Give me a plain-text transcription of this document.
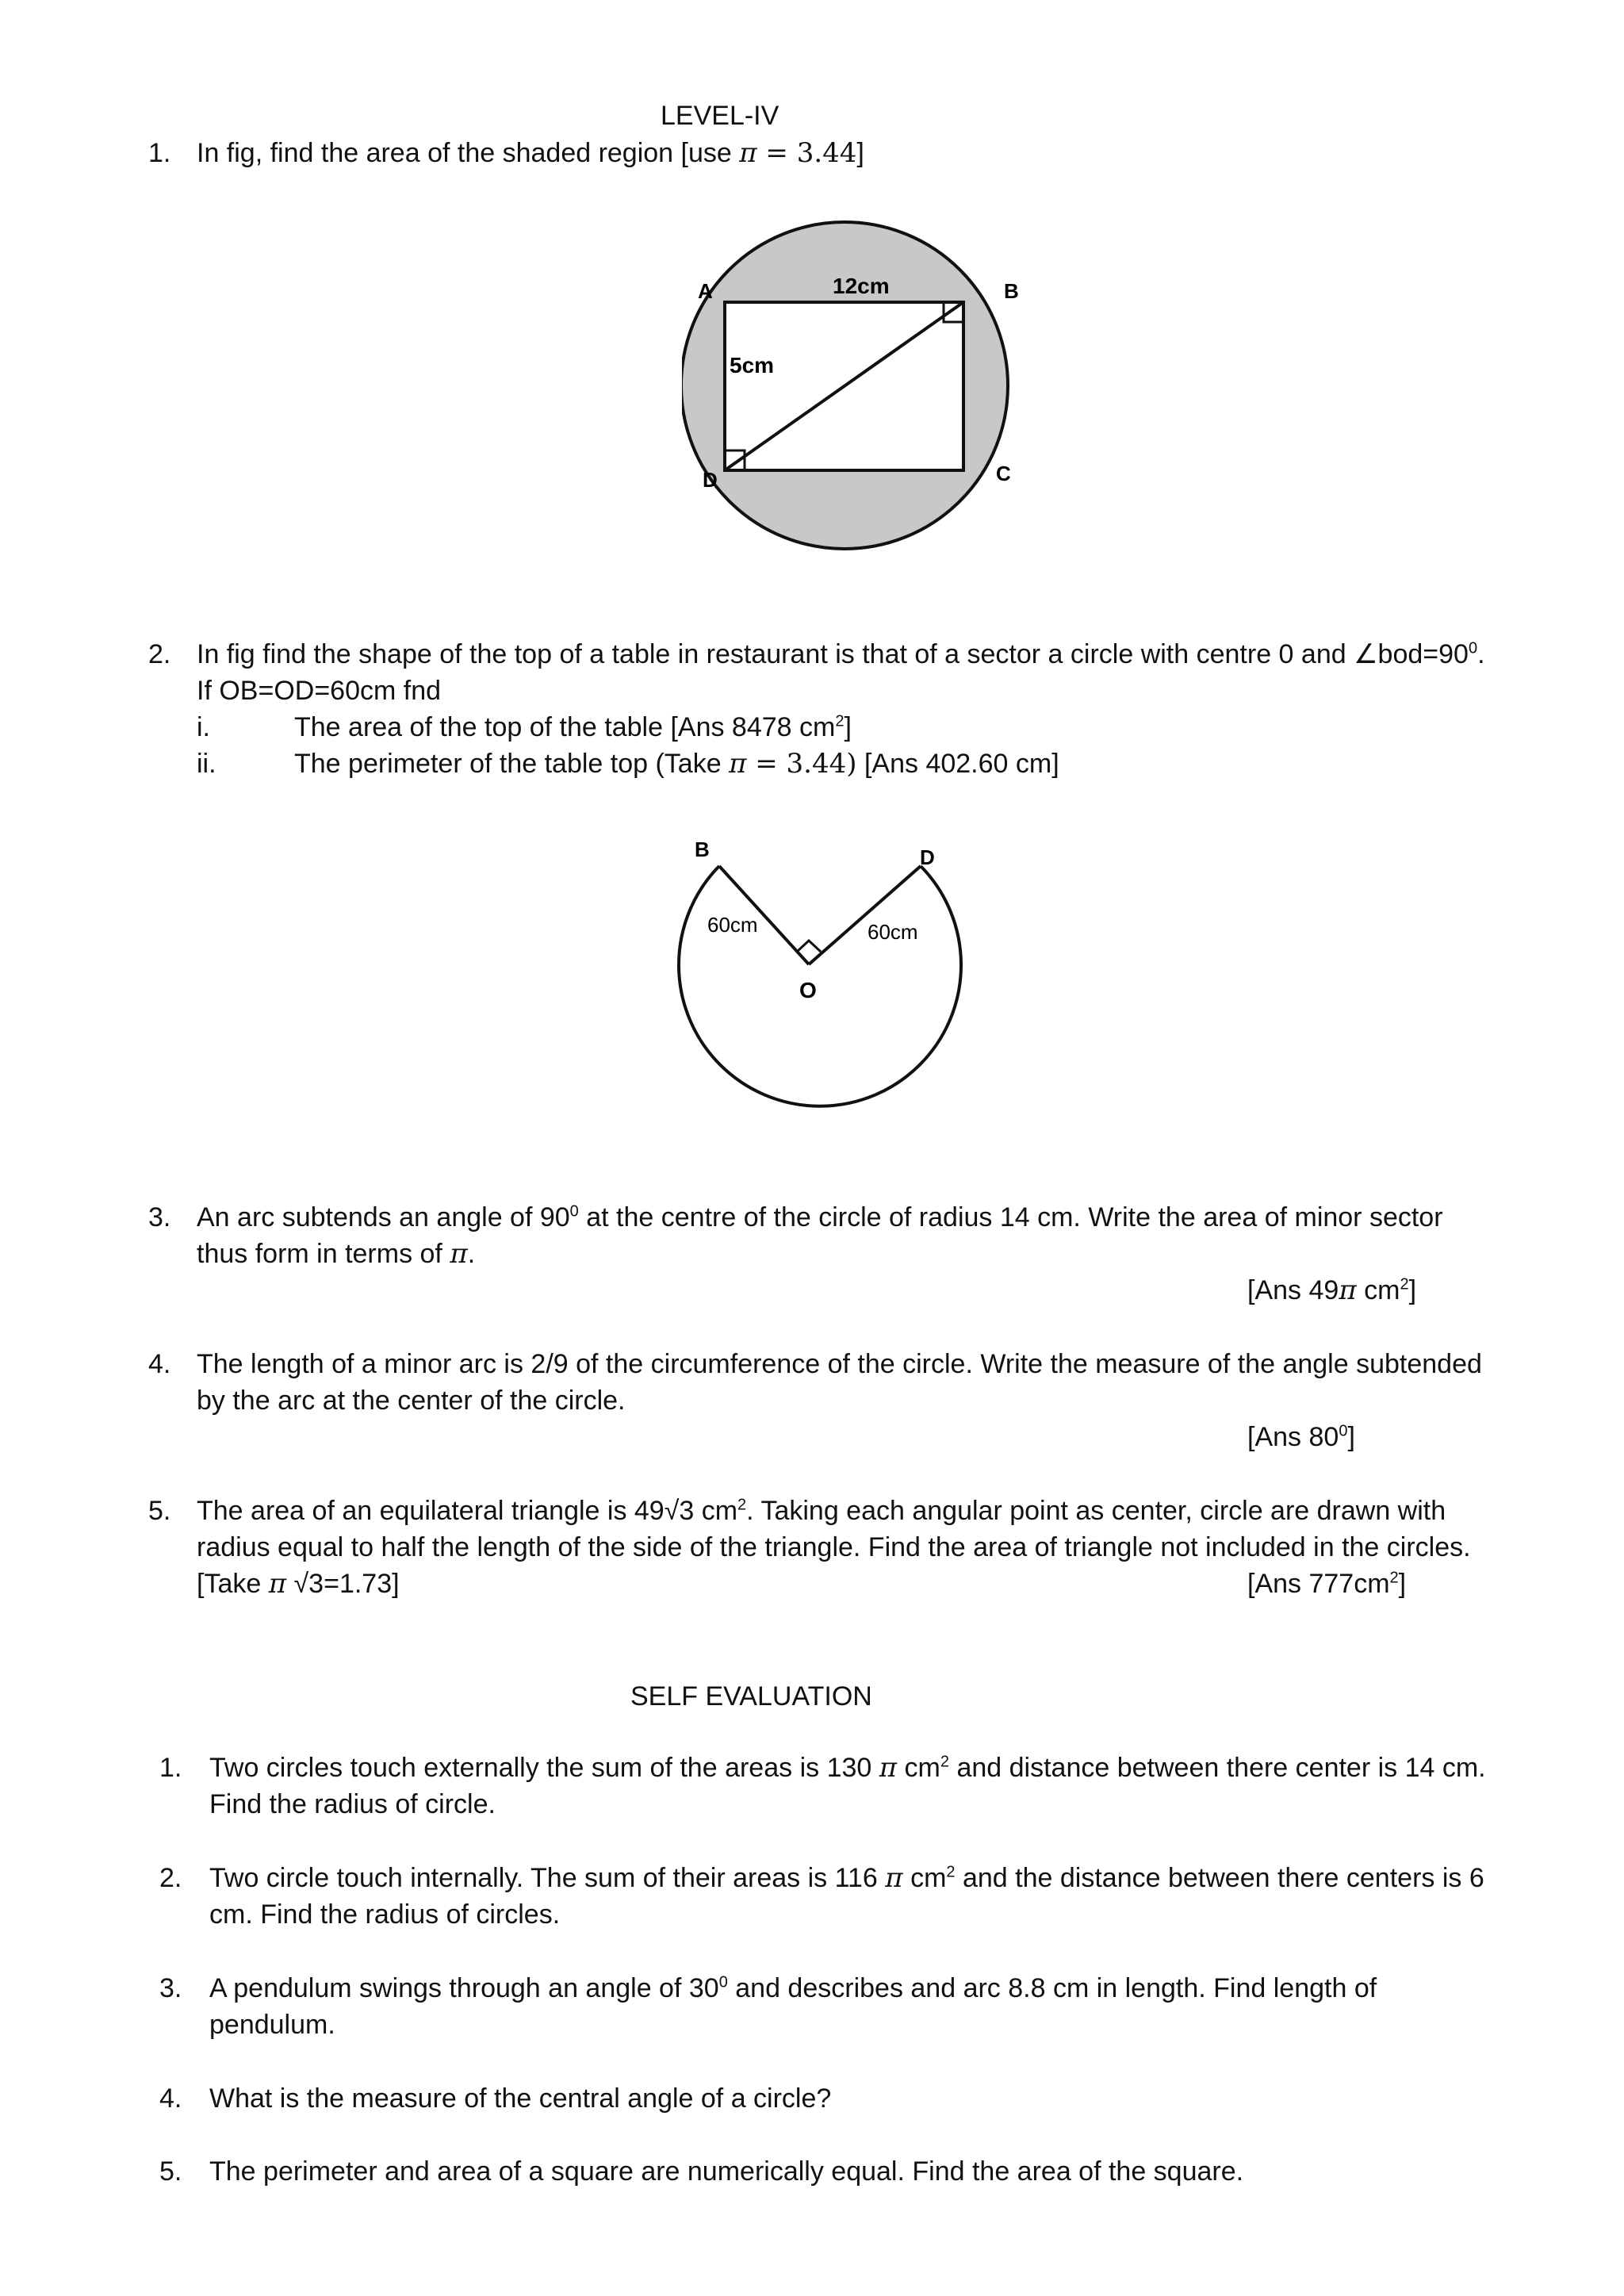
LEVEL-IV
1. In fig, find the area of the shaded region [use π = 3.44]
A	B
C
D
12cm
5cm
2. In fig find the shape of the top of a table in restaurant is that of a sector a circle with centre 0 and $\angle bod=90^0$.
If OB=OD=60cm fnd
i.	The area of the top of the table [Ans 8478 $cm^2$]
ii.	The perimeter of the table top (Take π = 3.44) [Ans 402.60 cm]
B	D
O
60cm	60cm
3. An arc subtends an angle of $90^0$ at the centre of the circle of radius 14 cm. Write the area of minor sector
thus form in terms of π.
[Ans 49π $cm^2$]
4. The length of a minor arc is 2/9 of the circumference of the circle. Write the measure of the angle subtended
by the arc at the center of the circle.
[Ans $80^0$]
5. The area of an equilateral triangle is 49√3 $cm^2$. Taking each angular point as center, circle are drawn with
radius equal to half the length of the side of the triangle. Find the area of triangle not included in the circles.
[Take π √3=1.73]	[Ans $777cm^2$]
SELF EVALUATION
1. Two circles touch externally the sum of the areas is 130 π $cm^2$ and distance between there center is 14 cm.
Find the radius of circle.
2. Two circle touch internally. The sum of their areas is 116 π $cm^2$ and the distance between there centers is 6
cm. Find the radius of circles.
3. A pendulum swings through an angle of $30^0$ and describes and arc 8.8 cm in length. Find length of
pendulum.
4. What is the measure of the central angle of a circle?
5. The perimeter and area of a square are numerically equal. Find the area of the square.
